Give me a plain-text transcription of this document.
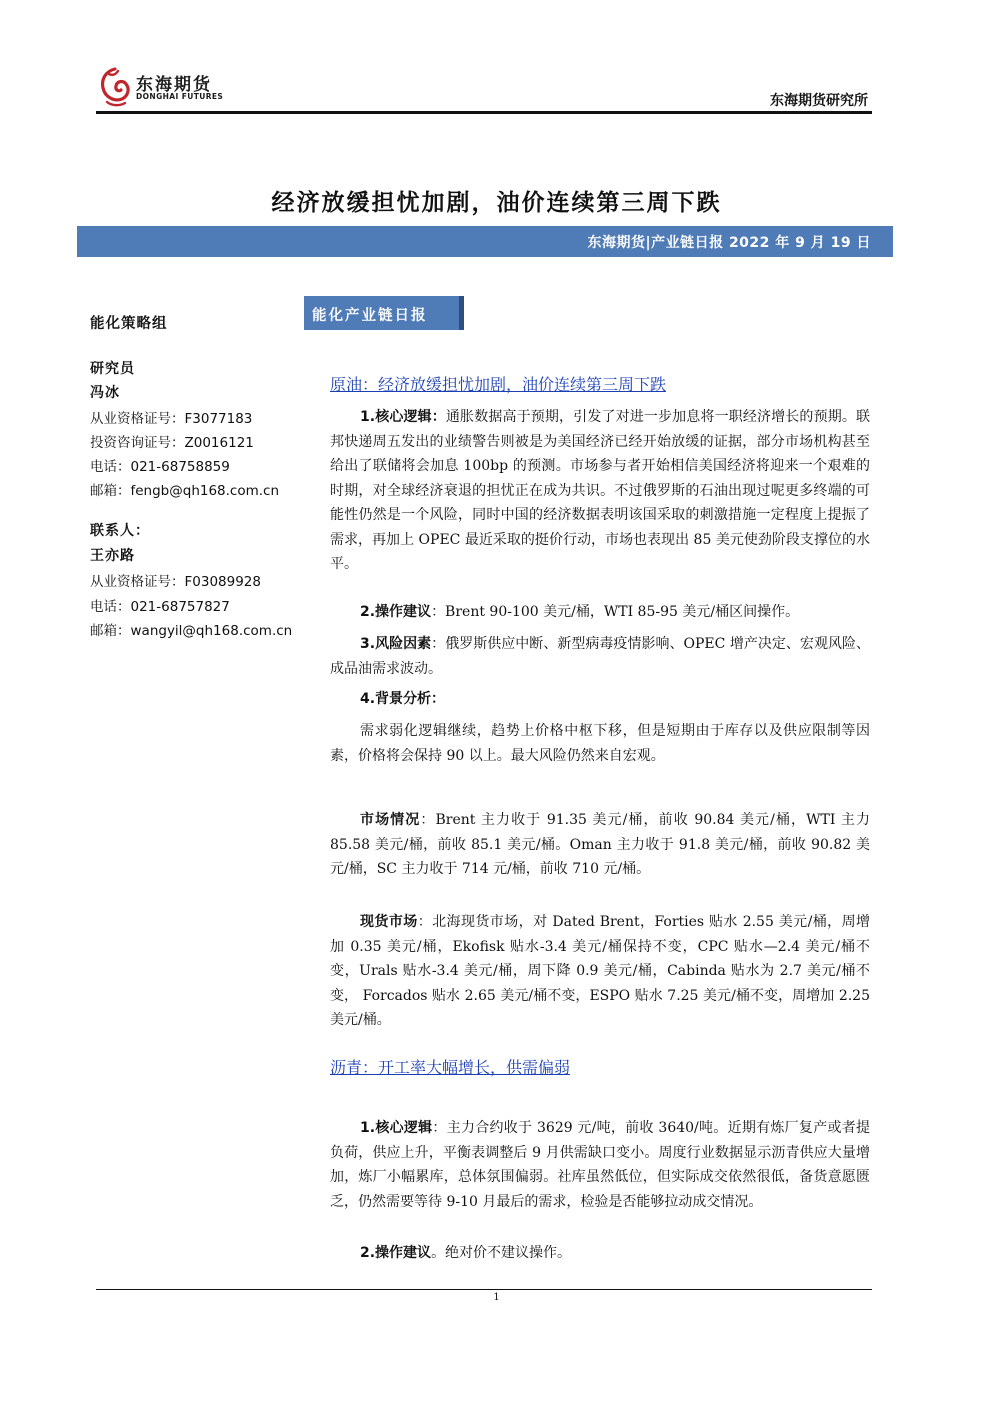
东海期货
DONGHAI FUTURES	东海期货研究所
经济放缓担忧加剧，油价连续第三周下跌
东海期货|产业链日报 2022 年 9 月 19 日
能化策略组
研究员
冯冰
从业资格证号：F3077183
投资咨询证号：Z0016121
电话：021-68758859
邮箱：fengb@qh168.com.cn
联系人：
王亦路
从业资格证号：F03089928
电话：021-68757827
邮箱：wangyil@qh168.com.cn
能化产业链日报
原油：经济放缓担忧加剧，油价连续第三周下跌
1.核心逻辑：通胀数据高于预期，引发了对进一步加息将一职经济增长的预期。联邦快递周五发出的业绩警告则被是为美国经济已经开始放缓的证据，部分市场机构甚至给出了联储将会加息 100bp 的预测。市场参与者开始相信美国经济将迎来一个艰难的时期，对全球经济衰退的担忧正在成为共识。不过俄罗斯的石油出现过呢更多终端的可能性仍然是一个风险，同时中国的经济数据表明该国采取的刺激措施一定程度上提振了需求，再加上 OPEC 最近采取的挺价行动，市场也表现出 85 美元使劲阶段支撑位的水平。
2.操作建议：Brent 90-100 美元/桶，WTI 85-95 美元/桶区间操作。
3.风险因素：俄罗斯供应中断、新型病毒疫情影响、OPEC 增产决定、宏观风险、成品油需求波动。
4.背景分析：
需求弱化逻辑继续，趋势上价格中枢下移，但是短期由于库存以及供应限制等因素，价格将会保持 90 以上。最大风险仍然来自宏观。
市场情况：Brent 主力收于 91.35 美元/桶，前收 90.84 美元/桶，WTI 主力 85.58 美元/桶，前收 85.1 美元/桶。Oman 主力收于 91.8 美元/桶，前收 90.82 美元/桶，SC 主力收于 714 元/桶，前收 710 元/桶。
现货市场：北海现货市场，对 Dated Brent，Forties 贴水 2.55 美元/桶，周增加 0.35 美元/桶，Ekofisk 贴水-3.4 美元/桶保持不变，CPC 贴水—2.4 美元/桶不变，Urals 贴水-3.4 美元/桶，周下降 0.9 美元/桶，Cabinda 贴水为 2.7 美元/桶不变， Forcados 贴水 2.65 美元/桶不变，ESPO 贴水 7.25 美元/桶不变，周增加 2.25 美元/桶。
沥青：开工率大幅增长，供需偏弱
1.核心逻辑：主力合约收于 3629 元/吨，前收 3640/吨。近期有炼厂复产或者提负荷，供应上升，平衡表调整后 9 月供需缺口变小。周度行业数据显示沥青供应大量增加，炼厂小幅累库，总体氛围偏弱。社库虽然低位，但实际成交依然很低，备货意愿匮乏，仍然需要等待 9-10 月最后的需求，检验是否能够拉动成交情况。
2.操作建议。绝对价不建议操作。
1
